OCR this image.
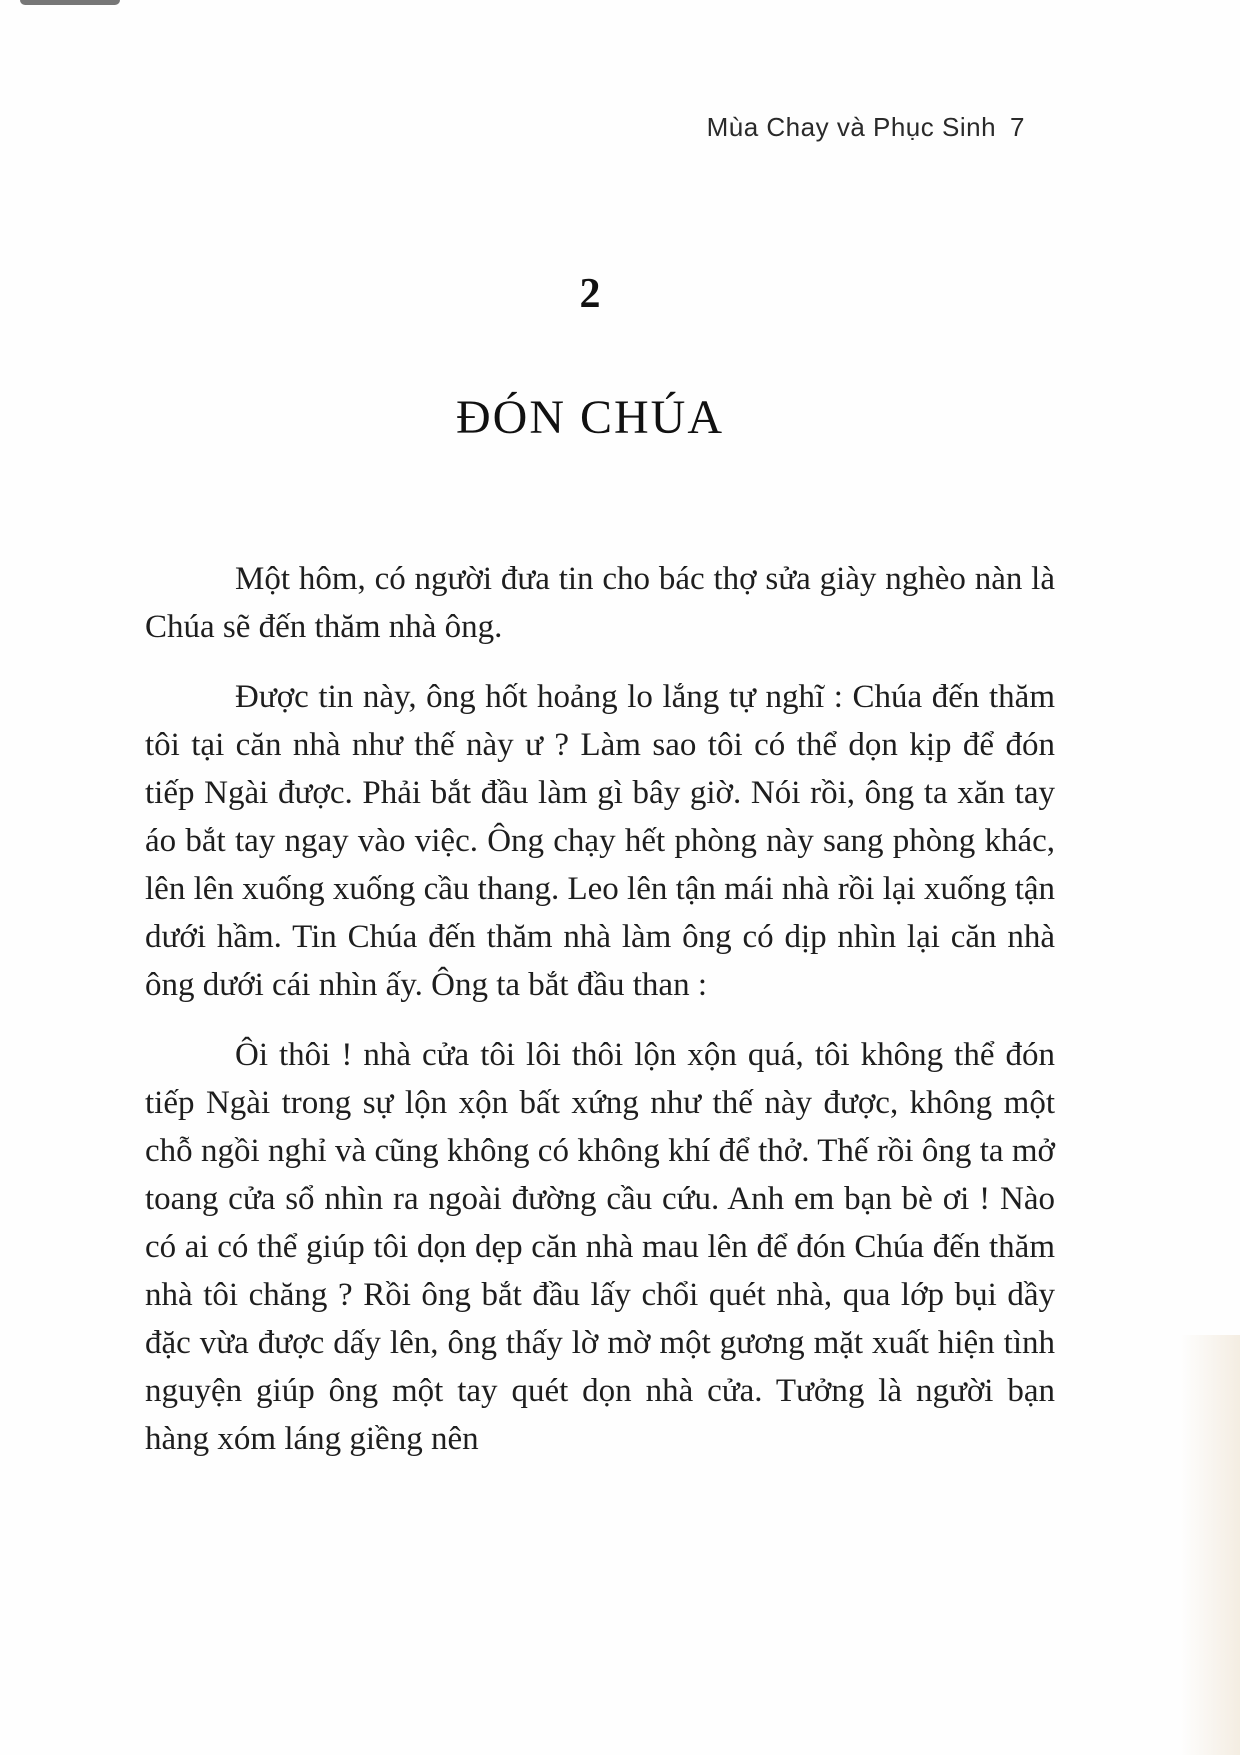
Mùa Chay và Phục Sinh 7
2
ĐÓN CHÚA

Một hôm, có người đưa tin cho bác thợ sửa giày nghèo nàn là Chúa sẽ đến thăm nhà ông.

Được tin này, ông hốt hoảng lo lắng tự nghĩ : Chúa đến thăm tôi tại căn nhà như thế này ư ? Làm sao tôi có thể dọn kịp để đón tiếp Ngài được. Phải bắt đầu làm gì bây giờ. Nói rồi, ông ta xăn tay áo bắt tay ngay vào việc. Ông chạy hết phòng này sang phòng khác, lên lên xuống xuống cầu thang. Leo lên tận mái nhà rồi lại xuống tận dưới hầm. Tin Chúa đến thăm nhà làm ông có dịp nhìn lại căn nhà ông dưới cái nhìn ấy. Ông ta bắt đầu than :

Ôi thôi ! nhà cửa tôi lôi thôi lộn xộn quá, tôi không thể đón tiếp Ngài trong sự lộn xộn bất xứng như thế này được, không một chỗ ngồi nghỉ và cũng không có không khí để thở. Thế rồi ông ta mở toang cửa sổ nhìn ra ngoài đường cầu cứu. Anh em bạn bè ơi ! Nào có ai có thể giúp tôi dọn dẹp căn nhà mau lên để đón Chúa đến thăm nhà tôi chăng ? Rồi ông bắt đầu lấy chổi quét nhà, qua lớp bụi dầy đặc vừa được dấy lên, ông thấy lờ mờ một gương mặt xuất hiện tình nguyện giúp ông một tay quét dọn nhà cửa. Tưởng là người bạn hàng xóm láng giềng nên
